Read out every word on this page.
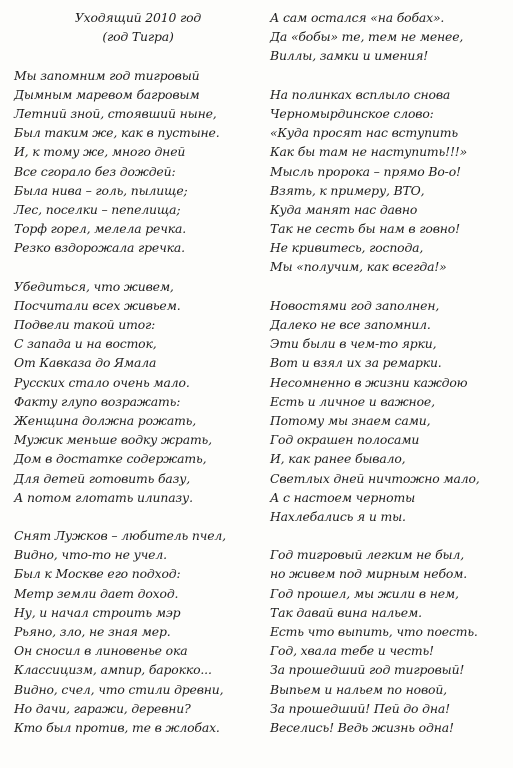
Уходящий 2010 год
(год Тигра)
Мы запомним год тигровый
Дымным маревом багровым
Летний зной, стоявший ныне,
Был таким же, как в пустыне.
И, к тому же, много дней
Все сгорало без дождей:
Была нива – голь, пылище;
Лес, поселки – пепелища;
Торф горел, мелела речка.
Резко вздорожала гречка.
Убедиться, что живем,
Посчитали всех живьем.
Подвели такой итог:
С запада и на восток,
От Кавказа до Ямала
Русских стало очень мало.
Факту глупо возражать:
Женщина должна рожать,
Мужик меньше водку жрать,
Дом в достатке содержать,
Для детей готовить базу,
А потом глотать илипазу.
Снят Лужков – любитель пчел,
Видно, что-то не учел.
Был к Москве его подход:
Метр земли дает доход.
Ну, и начал строить мэр
Рьяно, зло, не зная мер.
Он сносил в линовенье ока
Классицизм, ампир, барокко...
Видно, счел, что стили древни,
Но дачи, гаражи, деревни?
Кто был против, те в жлобах.
А сам остался «на бобах».
Да «бобы» те, тем не менее,
Виллы, замки и имения!
На полинках всплыло снова
Черномырдинское слово:
«Куда просят нас вступить
Как бы там не наступить!!!»
Мысль пророка – прямо Во-о!
Взять, к примеру, ВТО,
Куда манят нас давно
Так не сесть бы нам в говно!
Не кривитесь, господа,
Мы «получим, как всегда!»
Новостями год заполнен,
Далеко не все запомнил.
Эти были в чем-то ярки,
Вот и взял их за ремарки.
Несомненно в жизни каждою
Есть и личное и важное,
Потому мы знаем сами,
Год окрашен полосами
И, как ранее бывало,
Светлых дней ничтожно мало,
А с настоем черноты
Нахлебались я и ты.
Год тигровый легким не был,
но живем под мирным небом.
Год прошел, мы жили в нем,
Так давай вина нальем.
Есть что выпить, что поесть.
Год, хвала тебе и честь!
За прошедший год тигровый!
Выпьем и нальем по новой,
За прошедший! Пей до дна!
Веселись! Ведь жизнь одна!
